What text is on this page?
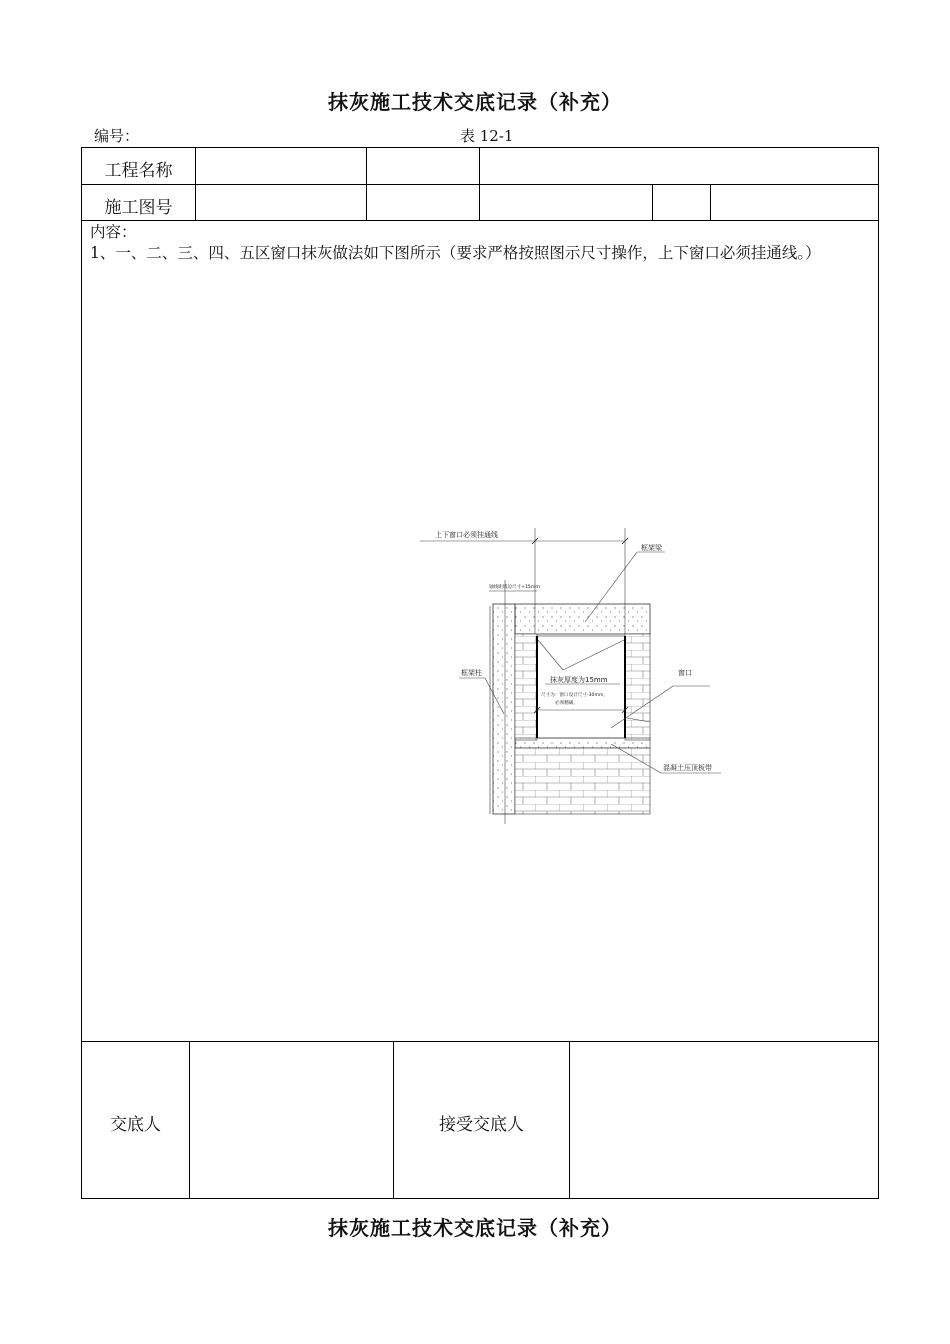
抹灰施工技术交底记录（补充）
编号：	表 12-1
工程名称
施工图号
内容：
1、一、二、三、四、五区窗口抹灰做法如下图所示（要求严格按照图示尺寸操作，上下窗口必须挂通线。）
上下窗口必须挂通线
框架梁
轴线距墙边尺寸+15mm
抹灰厚度为15mm
尺寸为：窗口设计尺寸-30mm，
必须精确。
窗口
框架柱
混凝土压顶板带
交底人	接受交底人
抹灰施工技术交底记录（补充）
